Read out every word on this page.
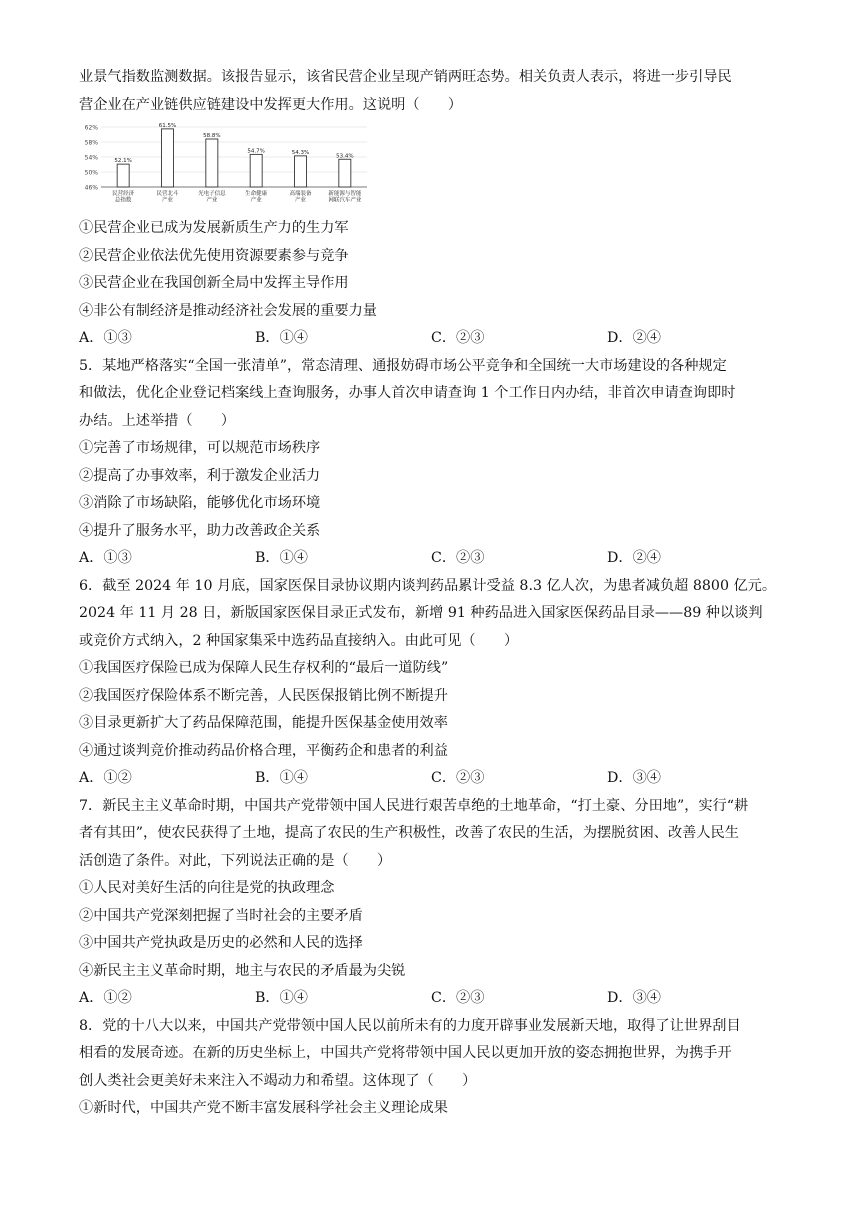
业景气指数监测数据。该报告显示，该省民营企业呈现产销两旺态势。相关负责人表示，将进一步引导民
营企业在产业链供应链建设中发挥更大作用。这说明（　　）
62%
58%
54%
50%
46%
52.1%
61.5%
58.8%
54.7%	54.3%
53.4%
民营经济
总指数
民营北斗
产业
光电子信息
产业
生命健康
产业
高端装备
产业
新能源与智能
网联汽车产业
①民营企业已成为发展新质生产力的生力军
②民营企业依法优先使用资源要素参与竞争
③民营企业在我国创新全局中发挥主导作用
④非公有制经济是推动经济社会发展的重要力量
A．①③	B．①④	C．②③	D．②④
5．某地严格落实“全国一张清单”，常态清理、通报妨碍市场公平竞争和全国统一大市场建设的各种规定
和做法，优化企业登记档案线上查询服务，办事人首次申请查询 1 个工作日内办结，非首次申请查询即时
办结。上述举措（　　）
①完善了市场规律，可以规范市场秩序
②提高了办事效率，利于激发企业活力
③消除了市场缺陷，能够优化市场环境
④提升了服务水平，助力改善政企关系
A．①③	B．①④	C．②③	D．②④
6．截至 2024 年 10 月底，国家医保目录协议期内谈判药品累计受益 8.3 亿人次，为患者减负超 8800 亿元。
2024 年 11 月 28 日，新版国家医保目录正式发布，新增 91 种药品进入国家医保药品目录——89 种以谈判
或竞价方式纳入，2 种国家集采中选药品直接纳入。由此可见（　　）
①我国医疗保险已成为保障人民生存权利的“最后一道防线”
②我国医疗保险体系不断完善，人民医保报销比例不断提升
③目录更新扩大了药品保障范围，能提升医保基金使用效率
④通过谈判竞价推动药品价格合理，平衡药企和患者的利益
A．①②	B．①④	C．②③	D．③④
7．新民主主义革命时期，中国共产党带领中国人民进行艰苦卓绝的土地革命，“打土豪、分田地”，实行“耕
者有其田”，使农民获得了土地，提高了农民的生产积极性，改善了农民的生活，为摆脱贫困、改善人民生
活创造了条件。对此，下列说法正确的是（　　）
①人民对美好生活的向往是党的执政理念
②中国共产党深刻把握了当时社会的主要矛盾
③中国共产党执政是历史的必然和人民的选择
④新民主主义革命时期，地主与农民的矛盾最为尖锐
A．①②	B．①④	C．②③	D．③④
8．党的十八大以来，中国共产党带领中国人民以前所未有的力度开辟事业发展新天地，取得了让世界刮目
相看的发展奇迹。在新的历史坐标上，中国共产党将带领中国人民以更加开放的姿态拥抱世界，为携手开
创人类社会更美好未来注入不竭动力和希望。这体现了（　　）
①新时代，中国共产党不断丰富发展科学社会主义理论成果
